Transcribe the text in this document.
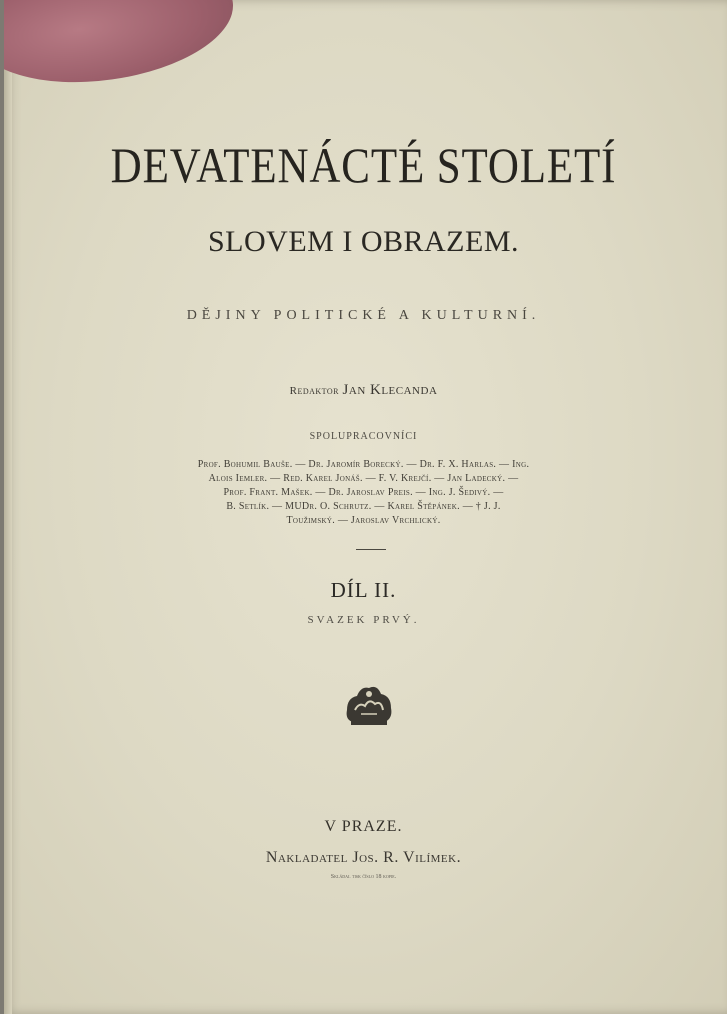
DEVATENÁCTÉ STOLETÍ
SLOVEM I OBRAZEM.
DĚJINY POLITICKÉ A KULTURNÍ.
Redaktor Jan Klecanda
SPOLUPRACOVNÍCI
Prof. Bohumil Bauše. — Dr. Jaromír Borecký. — Dr. F. X. Harlas. — Ing.
Alois Iemler. — Red. Karel Jonáš. — F. V. Krejčí. — Jan Ladecký. —
Prof. Frant. Mašek. — Dr. Jaroslav Preis. — Ing. J. Šedivý. —
B. Setlík. — MUDr. O. Schrutz. — Karel Štěpánek. — † J. J.
Toužimský. — Jaroslav Vrchlický.
DÍL II.
SVAZEK PRVÝ.
V PRAZE.
Nakladatel Jos. R. Vilímek.
Skládal tisk číslo 18 kopie.
